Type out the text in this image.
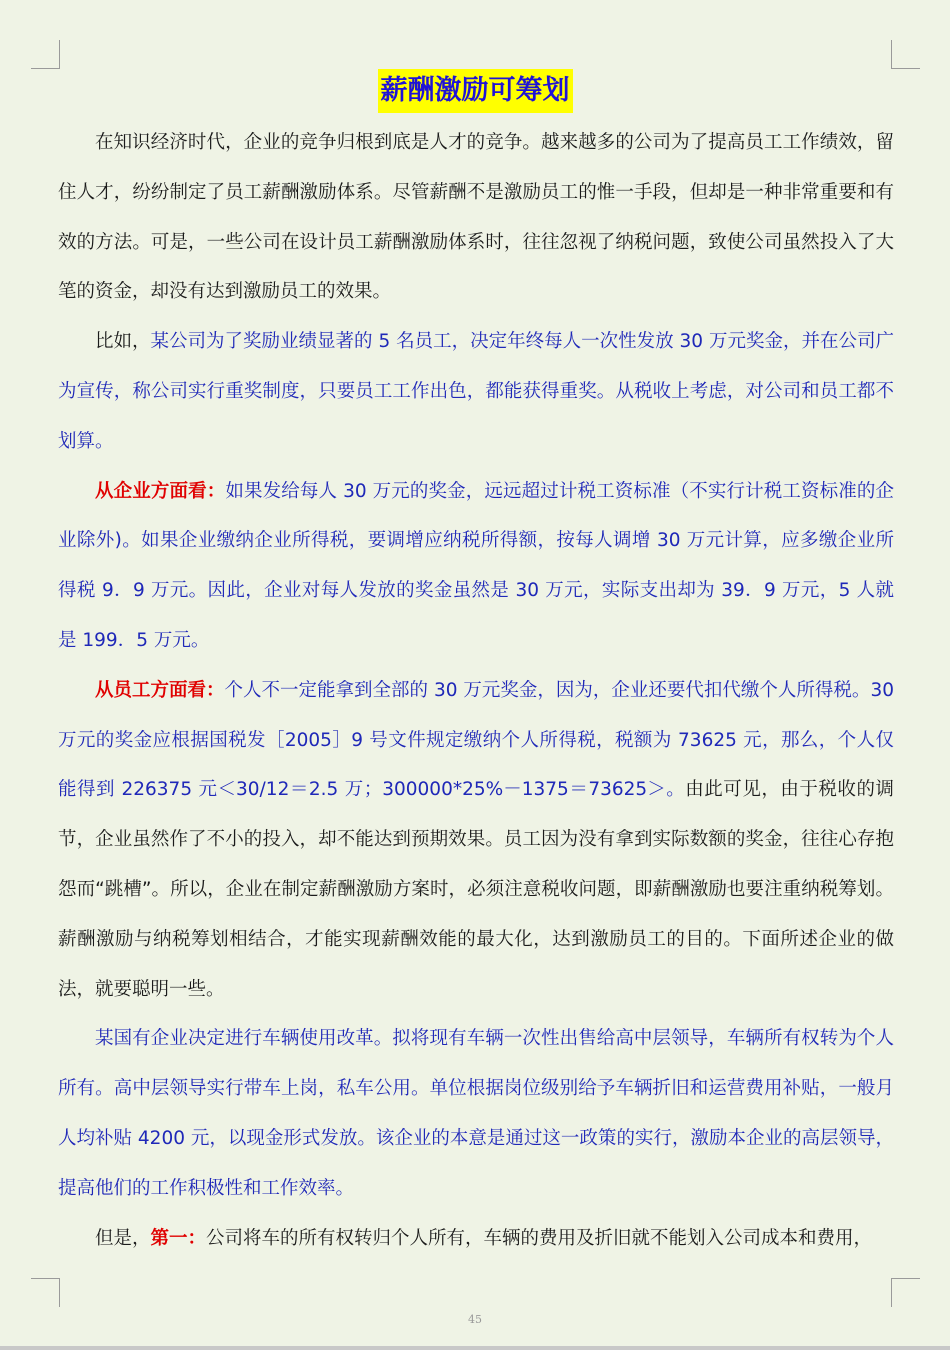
薪酬激励可筹划

在知识经济时代，企业的竞争归根到底是人才的竞争。越来越多的公司为了提高员工工作绩效，留住人才，纷纷制定了员工薪酬激励体系。尽管薪酬不是激励员工的惟一手段，但却是一种非常重要和有效的方法。可是，一些公司在设计员工薪酬激励体系时，往往忽视了纳税问题，致使公司虽然投入了大笔的资金，却没有达到激励员工的效果。

比如，某公司为了奖励业绩显著的 5 名员工，决定年终每人一次性发放 30 万元奖金，并在公司广为宣传，称公司实行重奖制度，只要员工工作出色，都能获得重奖。从税收上考虑，对公司和员工都不划算。

从企业方面看：如果发给每人 30 万元的奖金，远远超过计税工资标准（不实行计税工资标准的企业除外)。如果企业缴纳企业所得税，要调增应纳税所得额，按每人调增 30 万元计算，应多缴企业所得税 9．9 万元。因此，企业对每人发放的奖金虽然是 30 万元，实际支出却为 39．9 万元，5 人就是 199．5 万元。

从员工方面看：个人不一定能拿到全部的 30 万元奖金，因为，企业还要代扣代缴个人所得税。30 万元的奖金应根据国税发［2005］9 号文件规定缴纳个人所得税，税额为 73625 元，那么，个人仅能得到 226375 元＜30/12＝2.5 万；300000*25%－1375＝73625＞。由此可见，由于税收的调节，企业虽然作了不小的投入，却不能达到预期效果。员工因为没有拿到实际数额的奖金，往往心存抱怨而“跳槽”。所以，企业在制定薪酬激励方案时，必须注意税收问题，即薪酬激励也要注重纳税筹划。薪酬激励与纳税筹划相结合，才能实现薪酬效能的最大化，达到激励员工的目的。下面所述企业的做法，就要聪明一些。

某国有企业决定进行车辆使用改革。拟将现有车辆一次性出售给高中层领导，车辆所有权转为个人所有。高中层领导实行带车上岗，私车公用。单位根据岗位级别给予车辆折旧和运营费用补贴，一般月人均补贴 4200 元，以现金形式发放。该企业的本意是通过这一政策的实行，激励本企业的高层领导，提高他们的工作积极性和工作效率。

但是，第一：公司将车的所有权转归个人所有，车辆的费用及折旧就不能划入公司成本和费用，

45
